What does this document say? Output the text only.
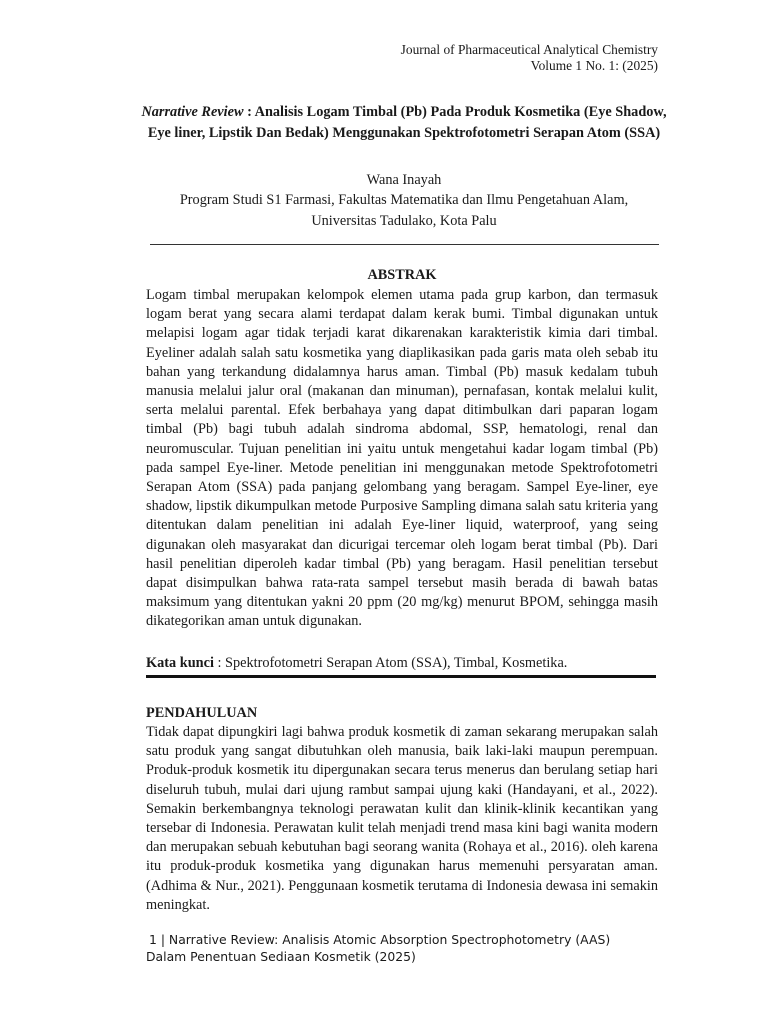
Journal of Pharmaceutical Analytical Chemistry
Volume 1 No. 1: (2025)
Narrative Review : Analisis Logam Timbal (Pb) Pada Produk Kosmetika (Eye Shadow, Eye liner, Lipstik Dan Bedak) Menggunakan Spektrofotometri Serapan Atom (SSA)
Wana Inayah
Program Studi S1 Farmasi, Fakultas Matematika dan Ilmu Pengetahuan Alam,
Universitas Tadulako, Kota Palu
ABSTRAK

Logam timbal merupakan kelompok elemen utama pada grup karbon, dan termasuk logam berat yang secara alami terdapat dalam kerak bumi. Timbal digunakan untuk melapisi logam agar tidak terjadi karat dikarenakan karakteristik kimia dari timbal. Eyeliner adalah salah satu kosmetika yang diaplikasikan pada garis mata oleh sebab itu bahan yang terkandung didalamnya harus aman. Timbal (Pb) masuk kedalam tubuh manusia melalui jalur oral (makanan dan minuman), pernafasan, kontak melalui kulit, serta melalui parental. Efek berbahaya yang dapat ditimbulkan dari paparan logam timbal (Pb) bagi tubuh adalah sindroma abdomal, SSP, hematologi, renal dan neuromuscular. Tujuan penelitian ini yaitu untuk mengetahui kadar logam timbal (Pb) pada sampel Eye-liner. Metode penelitian ini menggunakan metode Spektrofotometri Serapan Atom (SSA) pada panjang gelombang yang beragam. Sampel Eye-liner, eye shadow, lipstik dikumpulkan metode Purposive Sampling dimana salah satu kriteria yang ditentukan dalam penelitian ini adalah Eye-liner liquid, waterproof, yang seing digunakan oleh masyarakat dan dicurigai tercemar oleh logam berat timbal (Pb). Dari hasil penelitian diperoleh kadar timbal (Pb) yang beragam. Hasil penelitian tersebut dapat disimpulkan bahwa rata-rata sampel tersebut masih berada di bawah batas maksimum yang ditentukan yakni 20 ppm (20 mg/kg) menurut BPOM, sehingga masih dikategorikan aman untuk digunakan.

Kata kunci : Spektrofotometri Serapan Atom (SSA), Timbal, Kosmetika.

PENDAHULUAN

Tidak dapat dipungkiri lagi bahwa produk kosmetik di zaman sekarang merupakan salah satu produk yang sangat dibutuhkan oleh manusia, baik laki-laki maupun perempuan. Produk-produk kosmetik itu dipergunakan secara terus menerus dan berulang setiap hari diseluruh tubuh, mulai dari ujung rambut sampai ujung kaki (Handayani, et al., 2022). Semakin berkembangnya teknologi perawatan kulit dan klinik-klinik kecantikan yang tersebar di Indonesia. Perawatan kulit telah menjadi trend masa kini bagi wanita modern dan merupakan sebuah kebutuhan bagi seorang wanita (Rohaya et al., 2016). oleh karena itu produk-produk kosmetika yang digunakan harus memenuhi persyaratan aman. (Adhima & Nur., 2021). Penggunaan kosmetik terutama di Indonesia dewasa ini semakin meningkat.

1 | Narrative Review: Analisis Atomic Absorption Spectrophotometry (AAS)
Dalam Penentuan Sediaan Kosmetik (2025)
